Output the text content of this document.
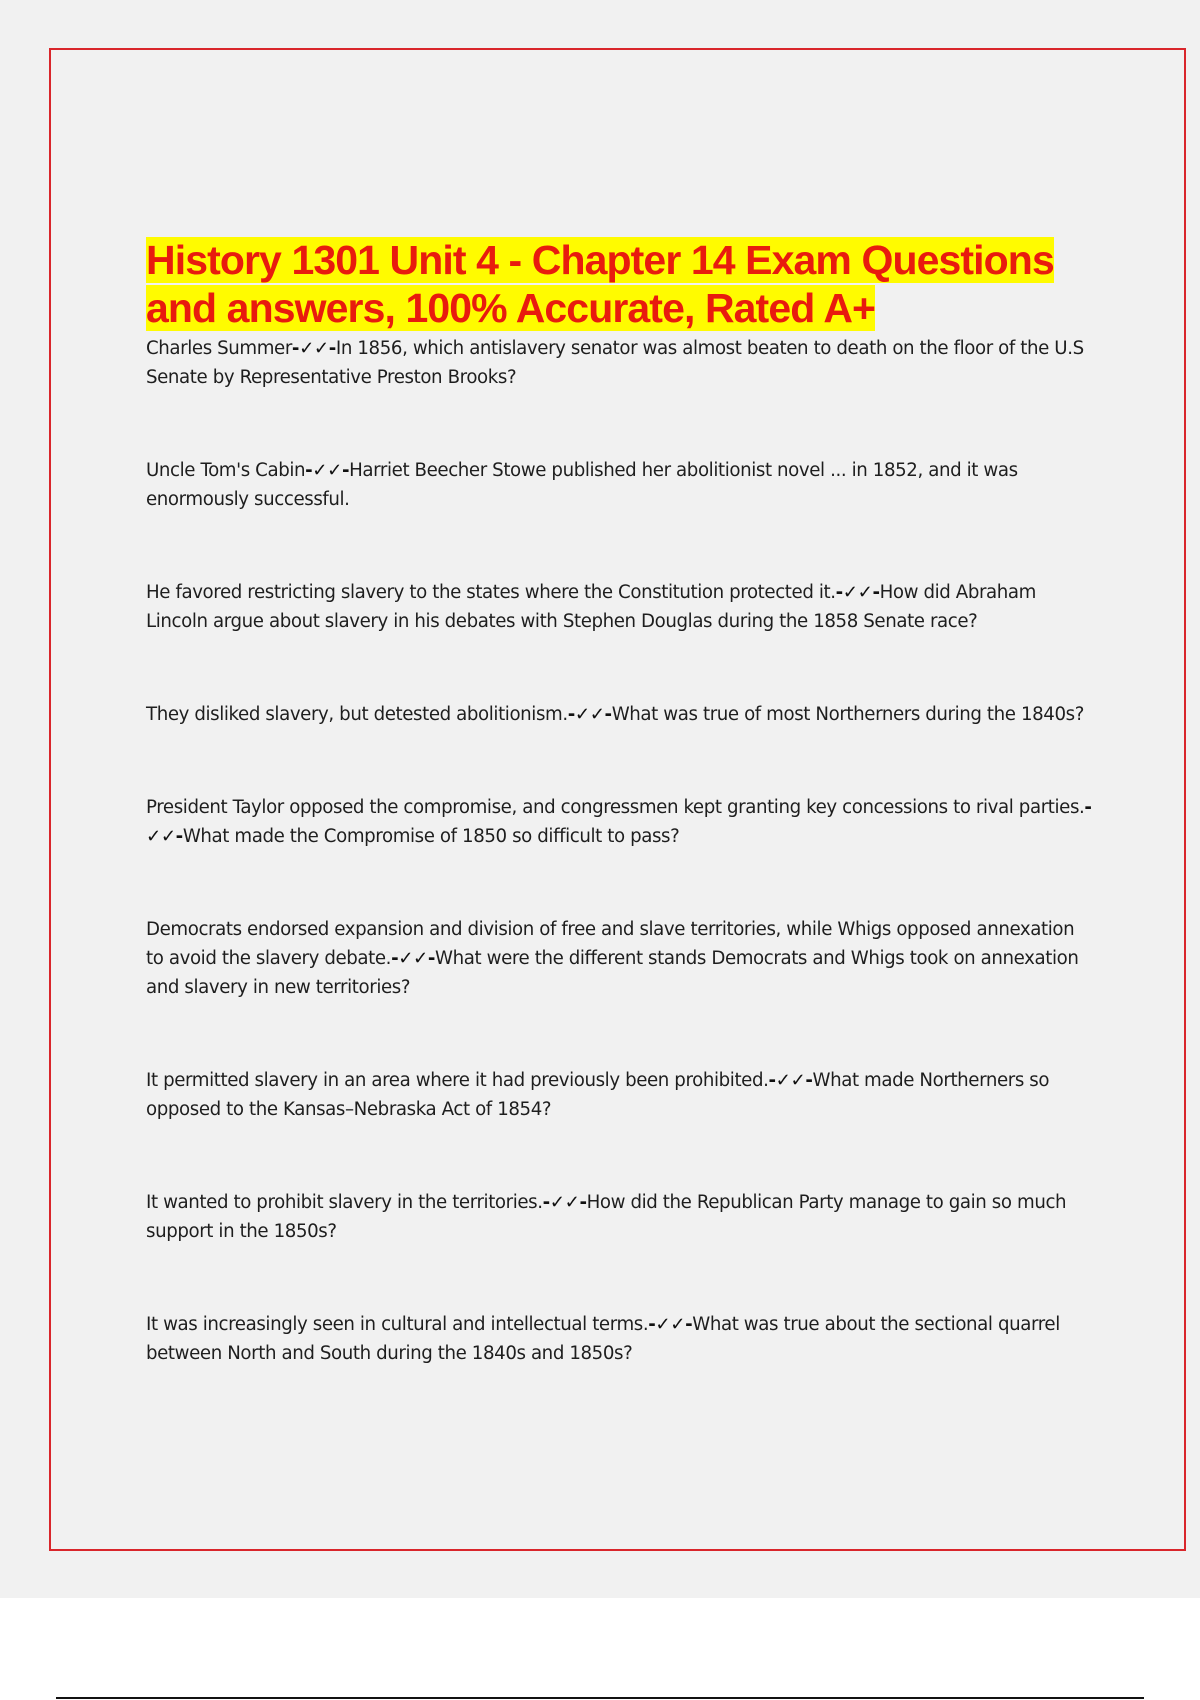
History 1301 Unit 4 - Chapter 14 Exam Questions
and answers, 100% Accurate, Rated A+
Charles Summer-✓✓-In 1856, which antislavery senator was almost beaten to death on the floor of the U.S Senate by Representative Preston Brooks?
Uncle Tom's Cabin-✓✓-Harriet Beecher Stowe published her abolitionist novel ... in 1852, and it was enormously successful.
He favored restricting slavery to the states where the Constitution protected it.-✓✓-How did Abraham Lincoln argue about slavery in his debates with Stephen Douglas during the 1858 Senate race?
They disliked slavery, but detested abolitionism.-✓✓-What was true of most Northerners during the 1840s?
President Taylor opposed the compromise, and congressmen kept granting key concessions to rival parties.-✓✓-What made the Compromise of 1850 so difficult to pass?
Democrats endorsed expansion and division of free and slave territories, while Whigs opposed annexation to avoid the slavery debate.-✓✓-What were the different stands Democrats and Whigs took on annexation and slavery in new territories?
It permitted slavery in an area where it had previously been prohibited.-✓✓-What made Northerners so opposed to the Kansas–Nebraska Act of 1854?
It wanted to prohibit slavery in the territories.-✓✓-How did the Republican Party manage to gain so much support in the 1850s?
It was increasingly seen in cultural and intellectual terms.-✓✓-What was true about the sectional quarrel between North and South during the 1840s and 1850s?
